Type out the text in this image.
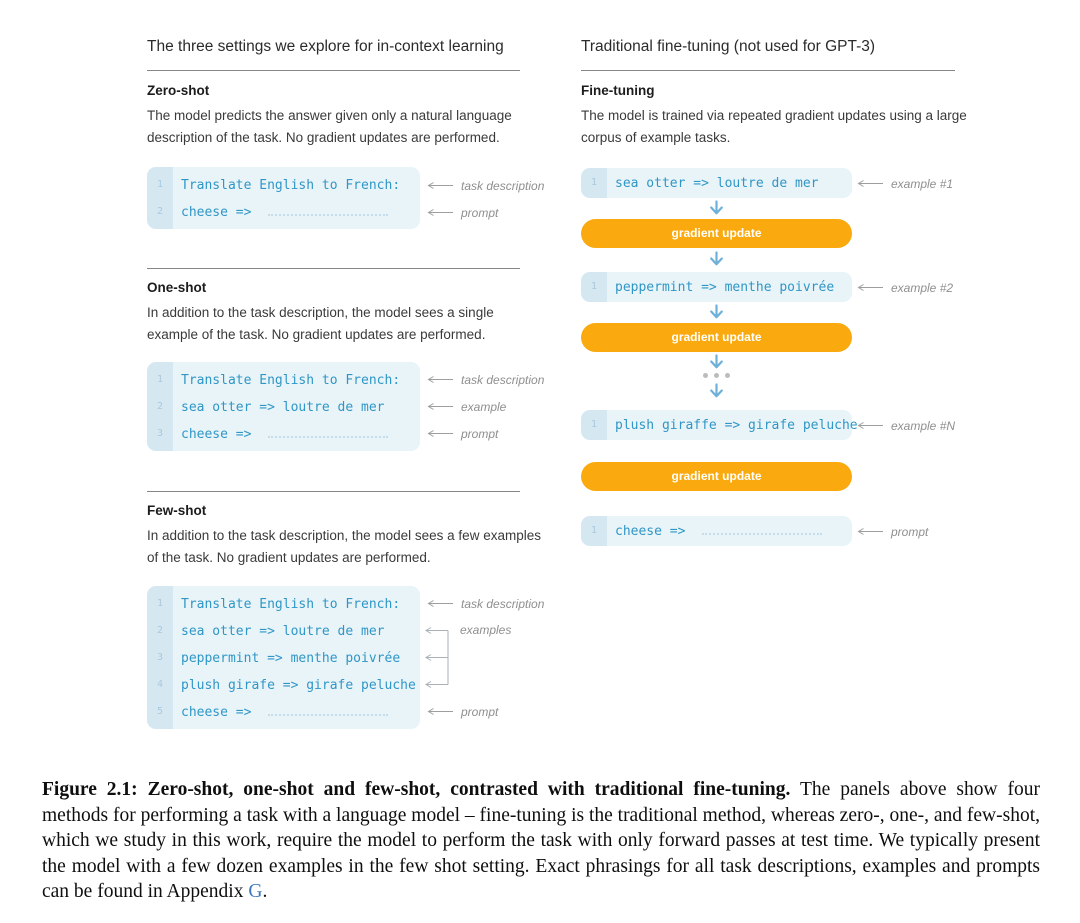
The three settings we explore for in-context learning
Zero-shot
The model predicts the answer given only a natural language description of the task. No gradient updates are performed.
1	Translate English to French:
2	cheese =>
task description
prompt
One-shot
In addition to the task description, the model sees a single example of the task. No gradient updates are performed.
1	Translate English to French:
2	sea otter => loutre de mer
3	cheese =>
task description
example
prompt
Few-shot
In addition to the task description, the model sees a few examples of the task. No gradient updates are performed.
1	Translate English to French:
2	sea otter => loutre de mer
3	peppermint => menthe poivrée
4	plush girafe => girafe peluche
5	cheese =>
task description
examples
prompt
Traditional fine-tuning (not used for GPT-3)
Fine-tuning
The model is trained via repeated gradient updates using a large corpus of example tasks.
1	sea otter => loutre de mer	example #1
gradient update
1	peppermint => menthe poivrée	example #2
gradient update
1	plush giraffe => girafe peluche	example #N
gradient update
1	cheese =>	prompt

Figure 2.1: Zero-shot, one-shot and few-shot, contrasted with traditional fine-tuning. The panels above show four methods for performing a task with a language model – fine-tuning is the traditional method, whereas zero-, one-, and few-shot, which we study in this work, require the model to perform the task with only forward passes at test time. We typically present the model with a few dozen examples in the few shot setting. Exact phrasings for all task descriptions, examples and prompts can be found in Appendix G.
